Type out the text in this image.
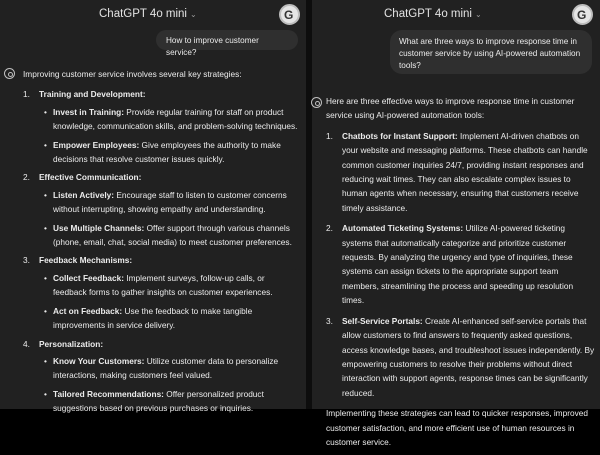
ChatGPT 4o mini ⌄	G
How to improve customer service?

Improving customer service involves several key strategies:

1.	Training and Development:
• Invest in Training: Provide regular training for staff on product knowledge, communication skills, and problem-solving techniques.
• Empower Employees: Give employees the authority to make decisions that resolve customer issues quickly.
2.	Effective Communication:
• Listen Actively: Encourage staff to listen to customer concerns without interrupting, showing empathy and understanding.
• Use Multiple Channels: Offer support through various channels (phone, email, chat, social media) to meet customer preferences.
3.	Feedback Mechanisms:
• Collect Feedback: Implement surveys, follow-up calls, or feedback forms to gather insights on customer experiences.
• Act on Feedback: Use the feedback to make tangible improvements in service delivery.
4.	Personalization:
• Know Your Customers: Utilize customer data to personalize interactions, making customers feel valued.
• Tailored Recommendations: Offer personalized product suggestions based on previous purchases or inquiries.
ChatGPT 4o mini ⌄	G
What are three ways to improve response time in customer service by using AI-powered automation tools?

Here are three effective ways to improve response time in customer service using AI-powered automation tools:

1. Chatbots for Instant Support: Implement AI-driven chatbots on your website and messaging platforms. These chatbots can handle common customer inquiries 24/7, providing instant responses and reducing wait times. They can also escalate complex issues to human agents when necessary, ensuring that customers receive timely assistance.
2. Automated Ticketing Systems: Utilize AI-powered ticketing systems that automatically categorize and prioritize customer requests. By analyzing the urgency and type of inquiries, these systems can assign tickets to the appropriate support team members, streamlining the process and speeding up resolution times.
3. Self-Service Portals: Create AI-enhanced self-service portals that allow customers to find answers to frequently asked questions, access knowledge bases, and troubleshoot issues independently. By empowering customers to resolve their problems without direct interaction with support agents, response times can be significantly reduced.

Implementing these strategies can lead to quicker responses, improved customer satisfaction, and more efficient use of human resources in customer service.
